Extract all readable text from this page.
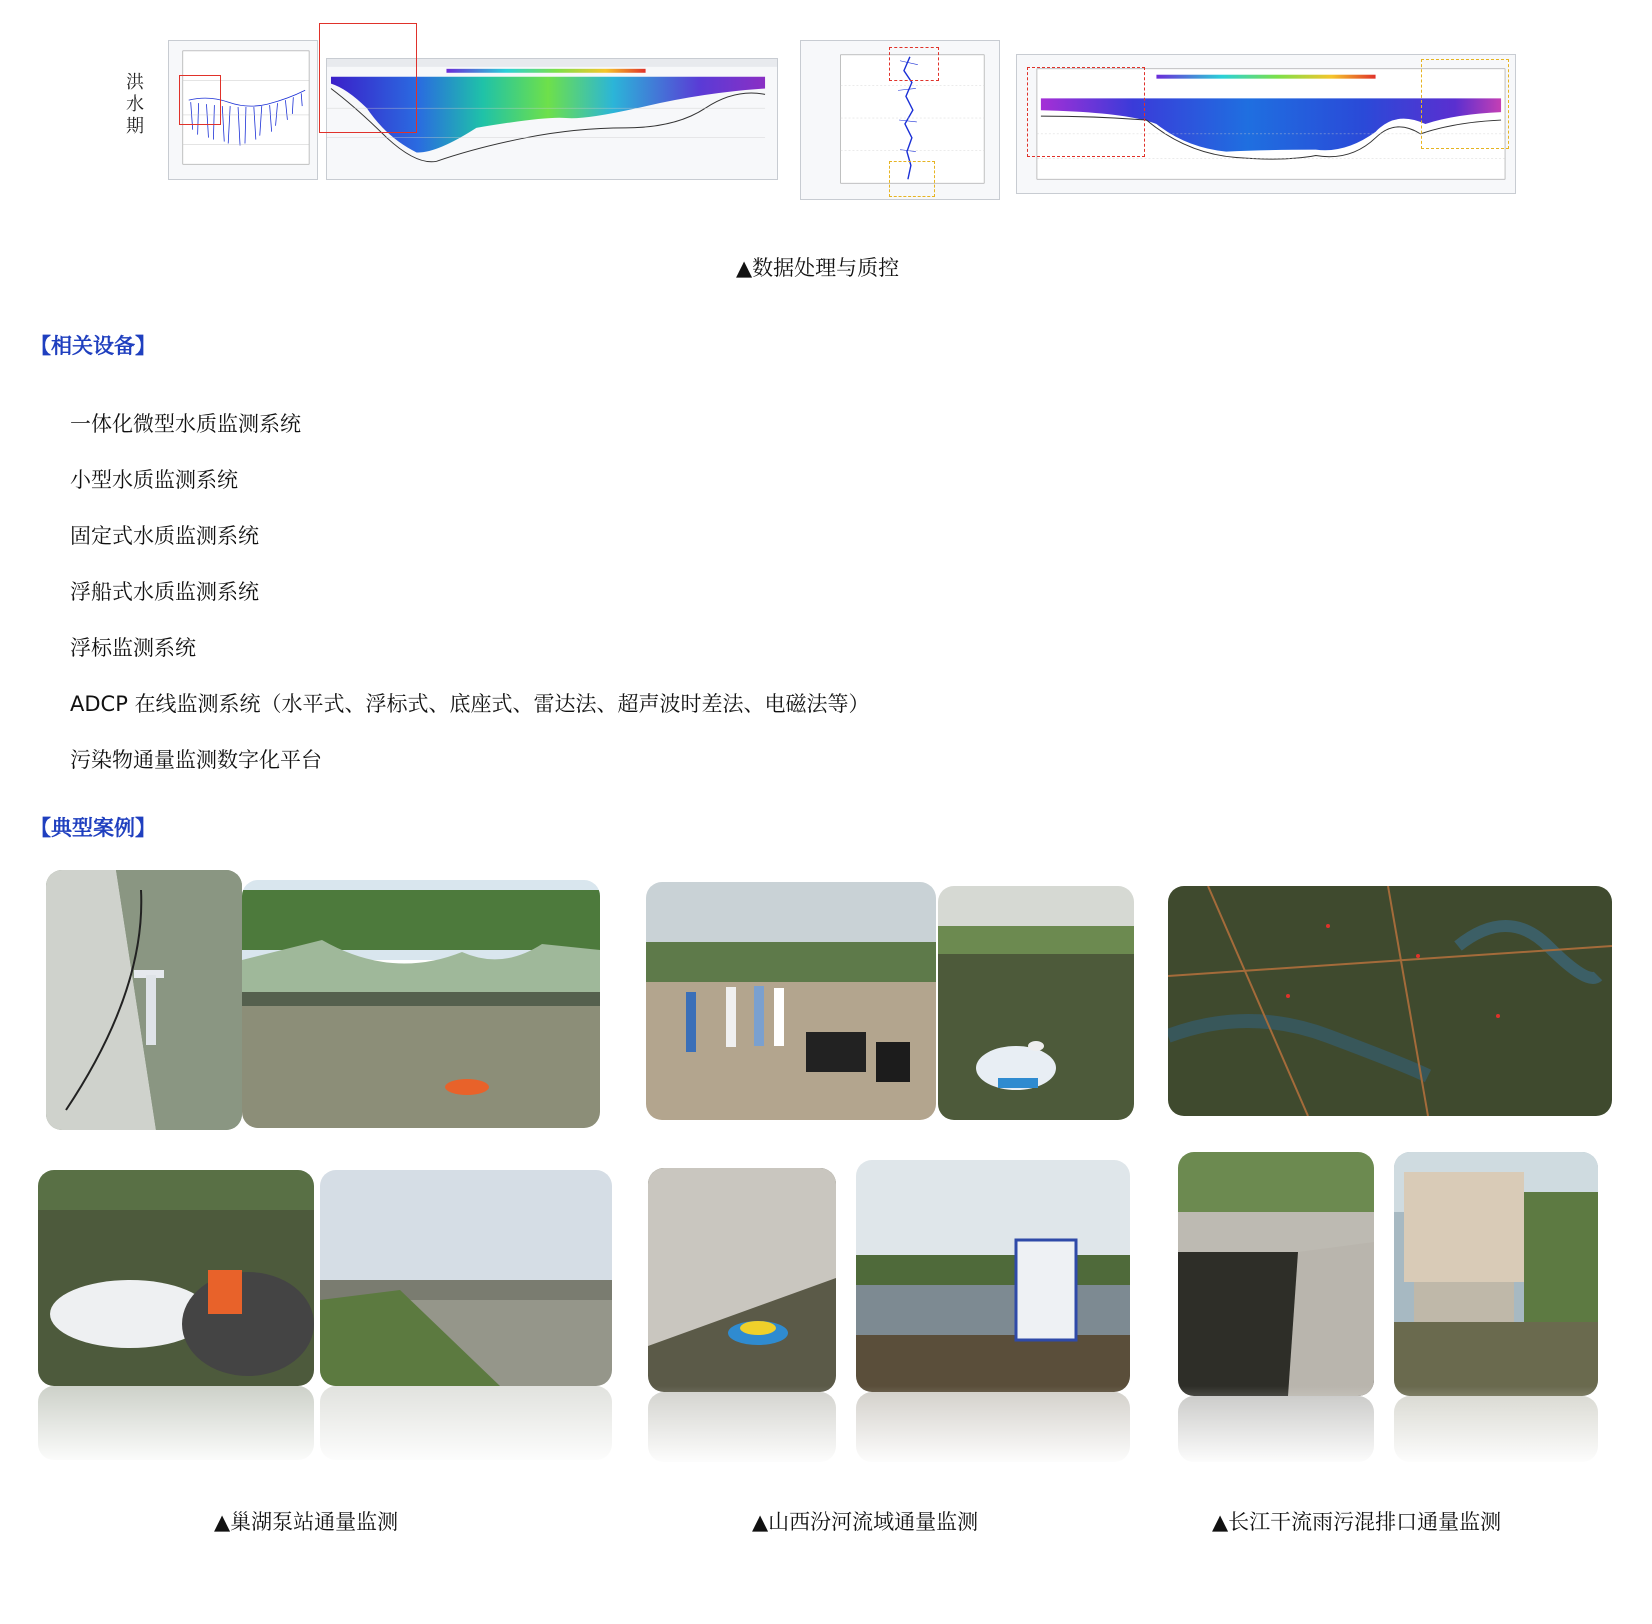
洪
水
期
▲数据处理与质控
【相关设备】
一体化微型水质监测系统
小型水质监测系统
固定式水质监测系统
浮船式水质监测系统
浮标监测系统
ADCP 在线监测系统（水平式、浮标式、底座式、雷达法、超声波时差法、电磁法等）
污染物通量监测数字化平台
【典型案例】
▲巢湖泵站通量监测	▲山西汾河流域通量监测	▲长江干流雨污混排口通量监测
